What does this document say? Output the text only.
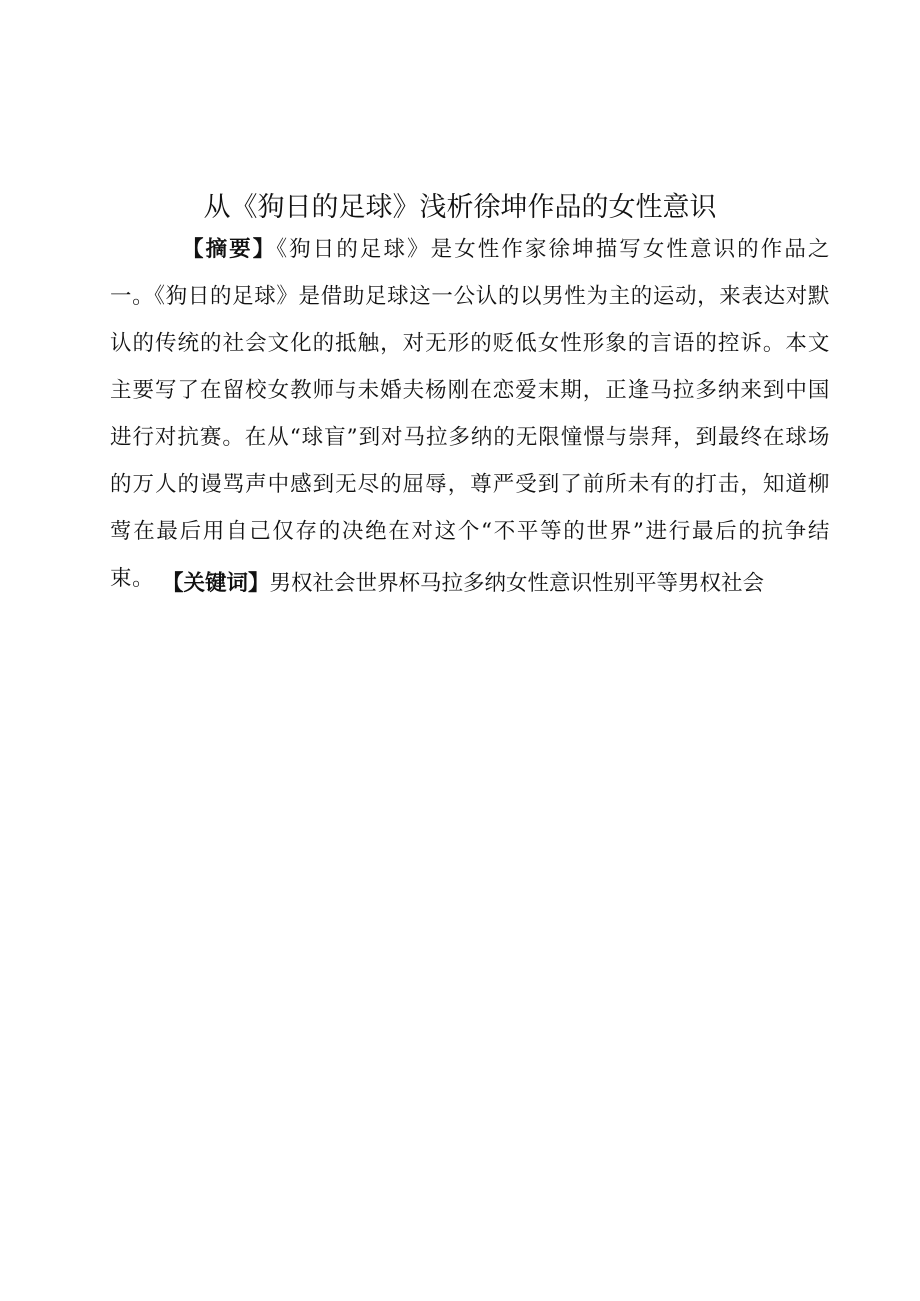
从《狗日的足球》浅析徐坤作品的女性意识

【摘要】《狗日的足球》是女性作家徐坤描写女性意识的作品之一。《狗日的足球》是借助足球这一公认的以男性为主的运动，来表达对默认的传统的社会文化的抵触，对无形的贬低女性形象的言语的控诉。本文主要写了在留校女教师与未婚夫杨刚在恋爱末期，正逢马拉多纳来到中国进行对抗赛。在从“球盲”到对马拉多纳的无限憧憬与崇拜，到最终在球场的万人的谩骂声中感到无尽的屈辱，尊严受到了前所未有的打击，知道柳莺在最后用自己仅存的决绝在对这个“不平等的世界”进行最后的抗争结束。 【关键词】男权社会世界杯马拉多纳女性意识性别平等男权社会
